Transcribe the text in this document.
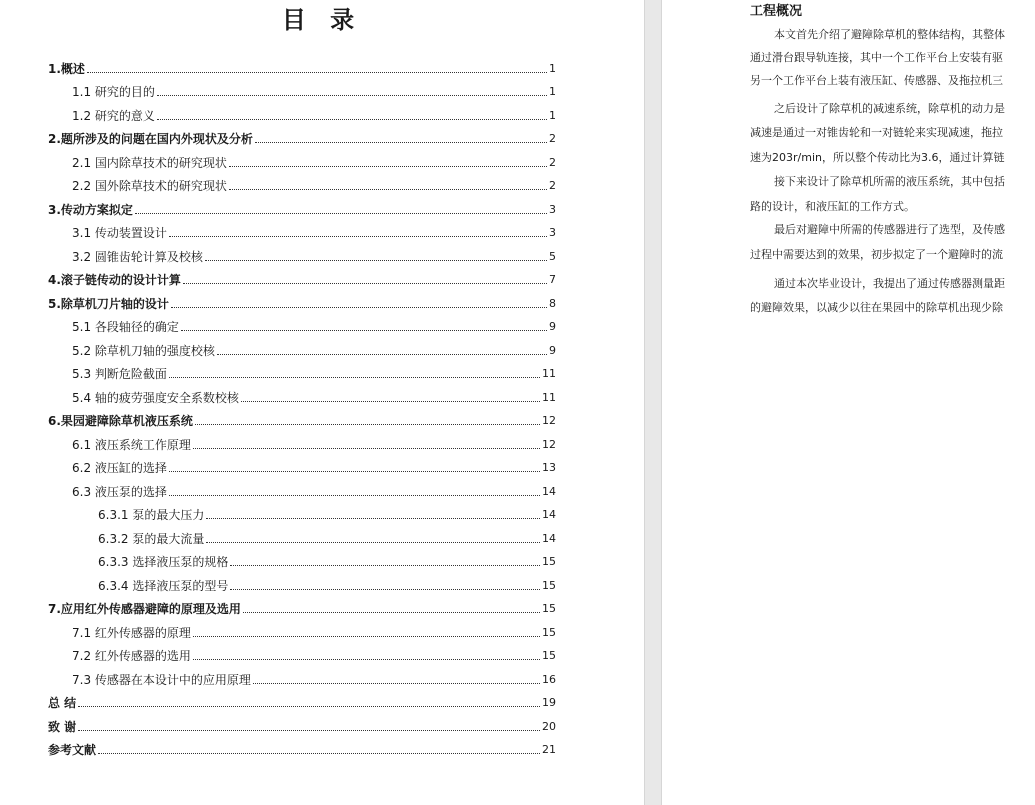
目 录
1.概述	1
1.1 研究的目的	1
1.2 研究的意义	1
2.题所涉及的问题在国内外现状及分析	2
2.1 国内除草技术的研究现状	2
2.2 国外除草技术的研究现状	2
3.传动方案拟定	3
3.1 传动装置设计	3
3.2 圆锥齿轮计算及校核	5
4.滚子链传动的设计计算	7
5.除草机刀片轴的设计	8
5.1 各段轴径的确定	9
5.2 除草机刀轴的强度校核	9
5.3 判断危险截面	11
5.4 轴的疲劳强度安全系数校核	11
6.果园避障除草机液压系统	12
6.1 液压系统工作原理	12
6.2 液压缸的选择	13
6.3 液压泵的选择	14
6.3.1 泵的最大压力	14
6.3.2 泵的最大流量	14
6.3.3 选择液压泵的规格	15
6.3.4 选择液压泵的型号	15
7.应用红外传感器避障的原理及选用	15
7.1 红外传感器的原理	15
7.2 红外传感器的选用	15
7.3 传感器在本设计中的应用原理	16
总 结	19
致 谢	20
参考文献	21
工程概况
本文首先介绍了避障除草机的整体结构，其整体
通过滑台跟导轨连接，其中一个工作平台上安装有驱
另一个工作平台上装有液压缸、传感器、及拖拉机三
之后设计了除草机的减速系统，除草机的动力是
减速是通过一对锥齿轮和一对链轮来实现减速，拖拉
速为203r/min，所以整个传动比为3.6，通过计算链
接下来设计了除草机所需的液压系统，其中包括
路的设计，和液压缸的工作方式。
最后对避障中所需的传感器进行了选型，及传感
过程中需要达到的效果，初步拟定了一个避障时的流
通过本次毕业设计，我提出了通过传感器测量距
的避障效果，以减少以往在果园中的除草机出现少除
